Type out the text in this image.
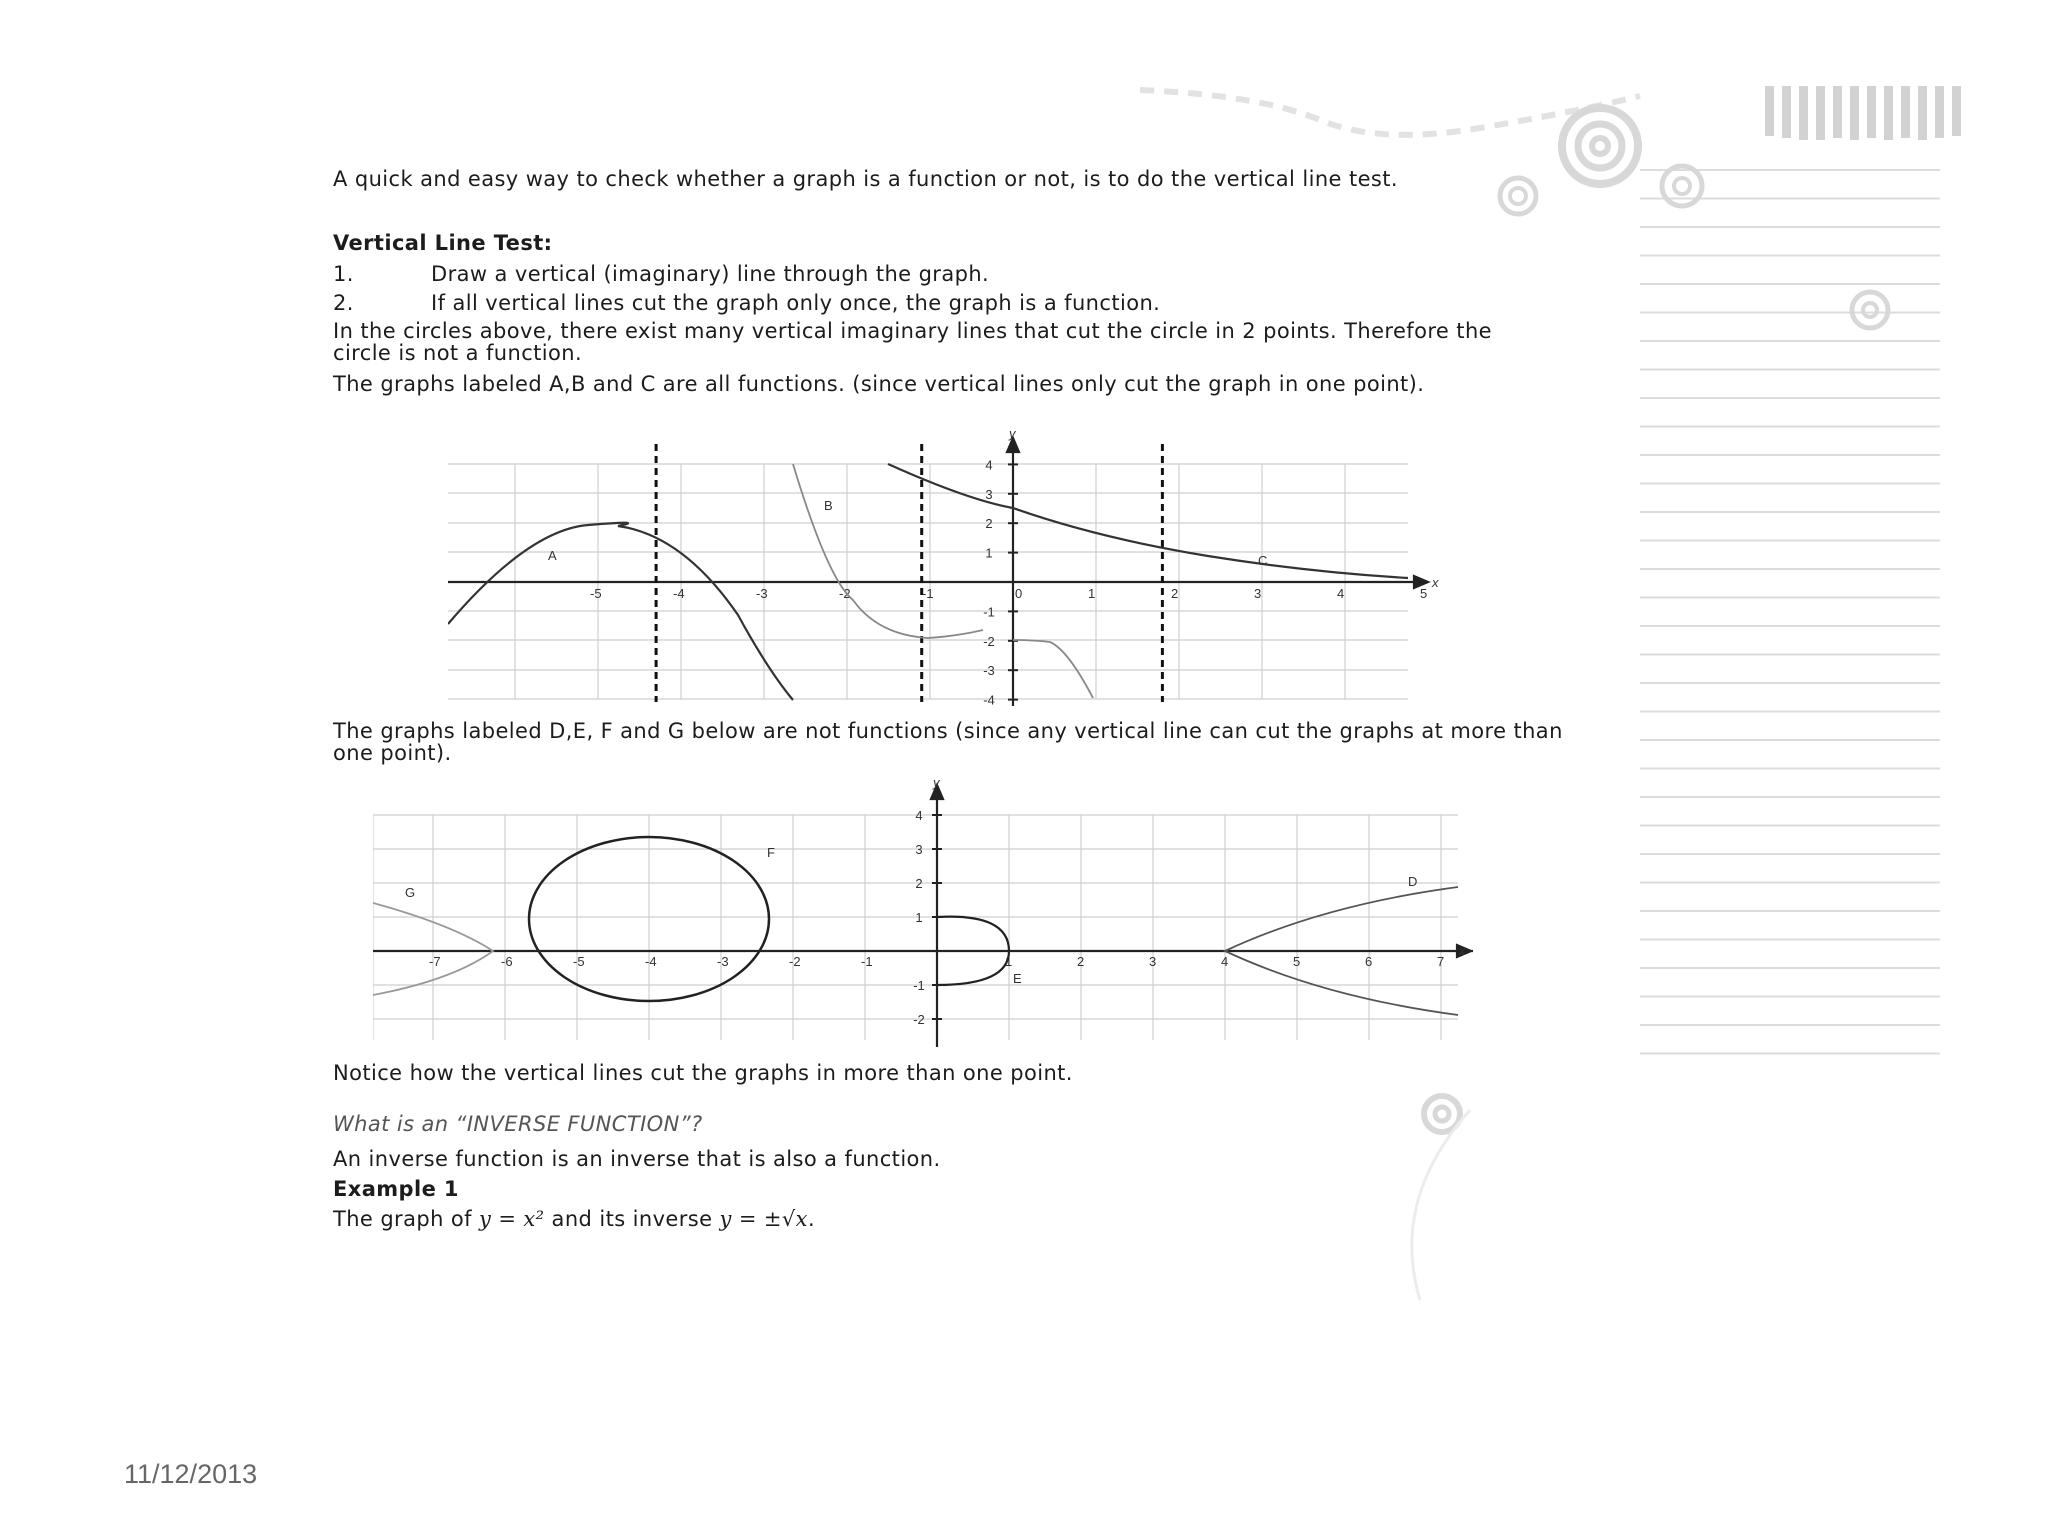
A quick and easy way to check whether a graph is a function or not, is to do the vertical line test.

Vertical Line Test:

1.	Draw a vertical (imaginary) line through the graph.
2.	If all vertical lines cut the graph only once, the graph is a function.

In the circles above, there exist many vertical imaginary lines that cut the circle in 2 points. Therefore the circle is not a function.

The graphs labeled A,B and C are all functions. (since vertical lines only cut the graph in one point).

x
y
-5	-4	-3	-2	-1	0	1	2	3	4	5
4
3
2
1
-1
-2
-3
-4
A
B
C

The graphs labeled D,E, F and G below are not functions (since any vertical line can cut the graphs at more than one point).

x
y
-7	-6	-5	-4	-3	-2	-1	1	2	3	4	5	6	7
4
3
2
1
-1
-2
F
G
E
D

Notice how the vertical lines cut the graphs in more than one point.

What is an “INVERSE FUNCTION”?

An inverse function is an inverse that is also a function.

Example 1

The graph of y = x² and its inverse y = ±√x.

11/12/2013
